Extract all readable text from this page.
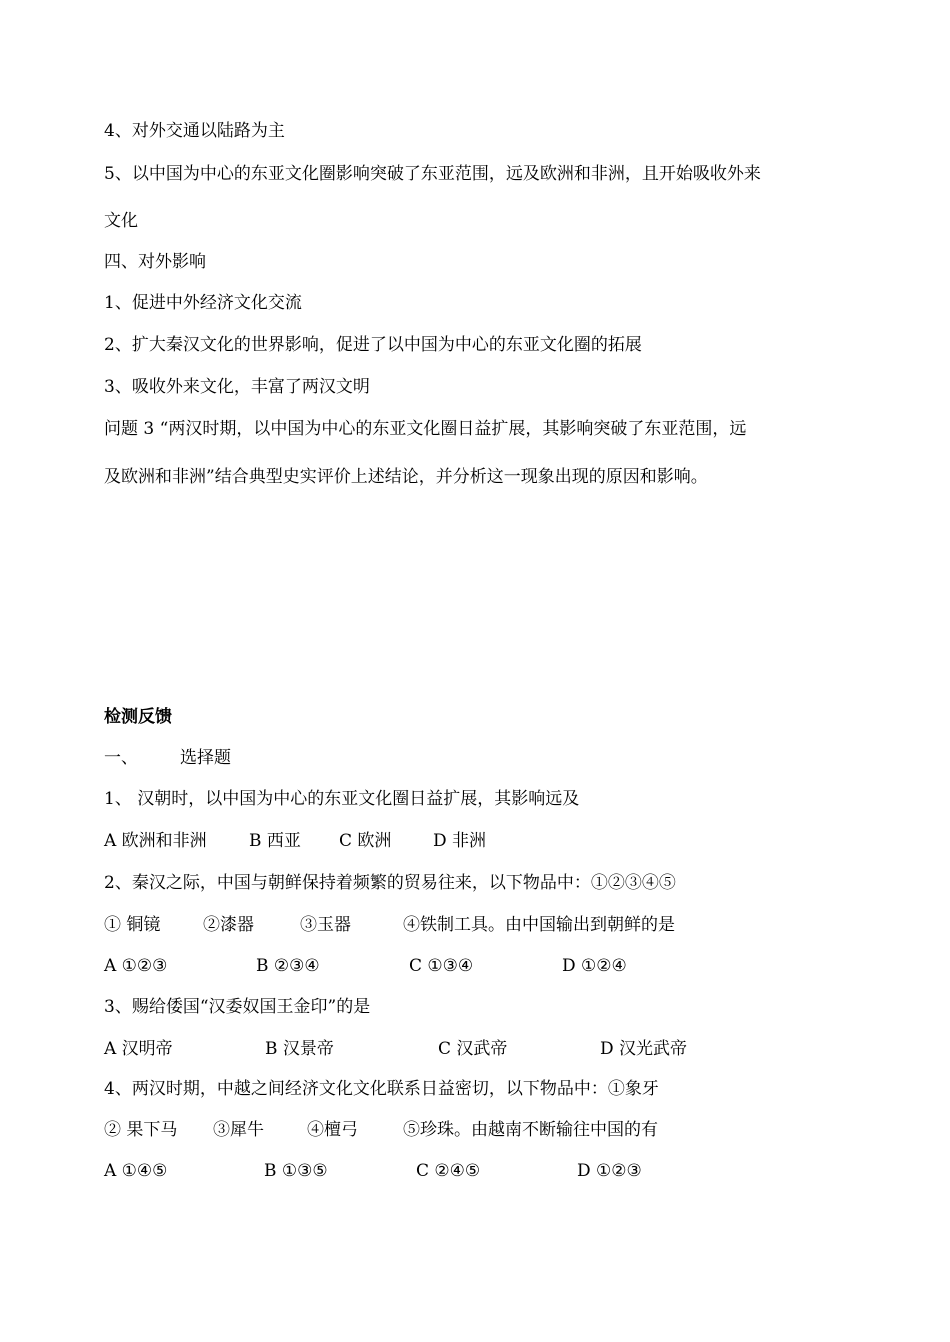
4、对外交通以陆路为主
5、以中国为中心的东亚文化圈影响突破了东亚范围，远及欧洲和非洲，且开始吸收外来
文化
四、对外影响
1、促进中外经济文化交流
2、扩大秦汉文化的世界影响，促进了以中国为中心的东亚文化圈的拓展
3、吸收外来文化，丰富了两汉文明
问题 3 “两汉时期，以中国为中心的东亚文化圈日益扩展，其影响突破了东亚范围，远
及欧洲和非洲”结合典型史实评价上述结论，并分析这一现象出现的原因和影响。
检测反馈
一、 选择题
1、 汉朝时，以中国为中心的东亚文化圈日益扩展，其影响远及
A 欧洲和非洲 B 西亚 C 欧洲 D 非洲
2、秦汉之际，中国与朝鲜保持着频繁的贸易往来，以下物品中：①②③④⑤
① 铜镜	②漆器	③玉器	④铁制工具。由中国输出到朝鲜的是
A ①②③	B ②③④	C ①③④	D ①②④
3、赐给倭国“汉委奴国王金印”的是
A 汉明帝	B 汉景帝	C 汉武帝	D 汉光武帝
4、两汉时期，中越之间经济文化文化联系日益密切，以下物品中：①象牙
② 果下马 ③犀牛	④檀弓	⑤珍珠。由越南不断输往中国的有
A ①④⑤	B ①③⑤	C ②④⑤	D ①②③
